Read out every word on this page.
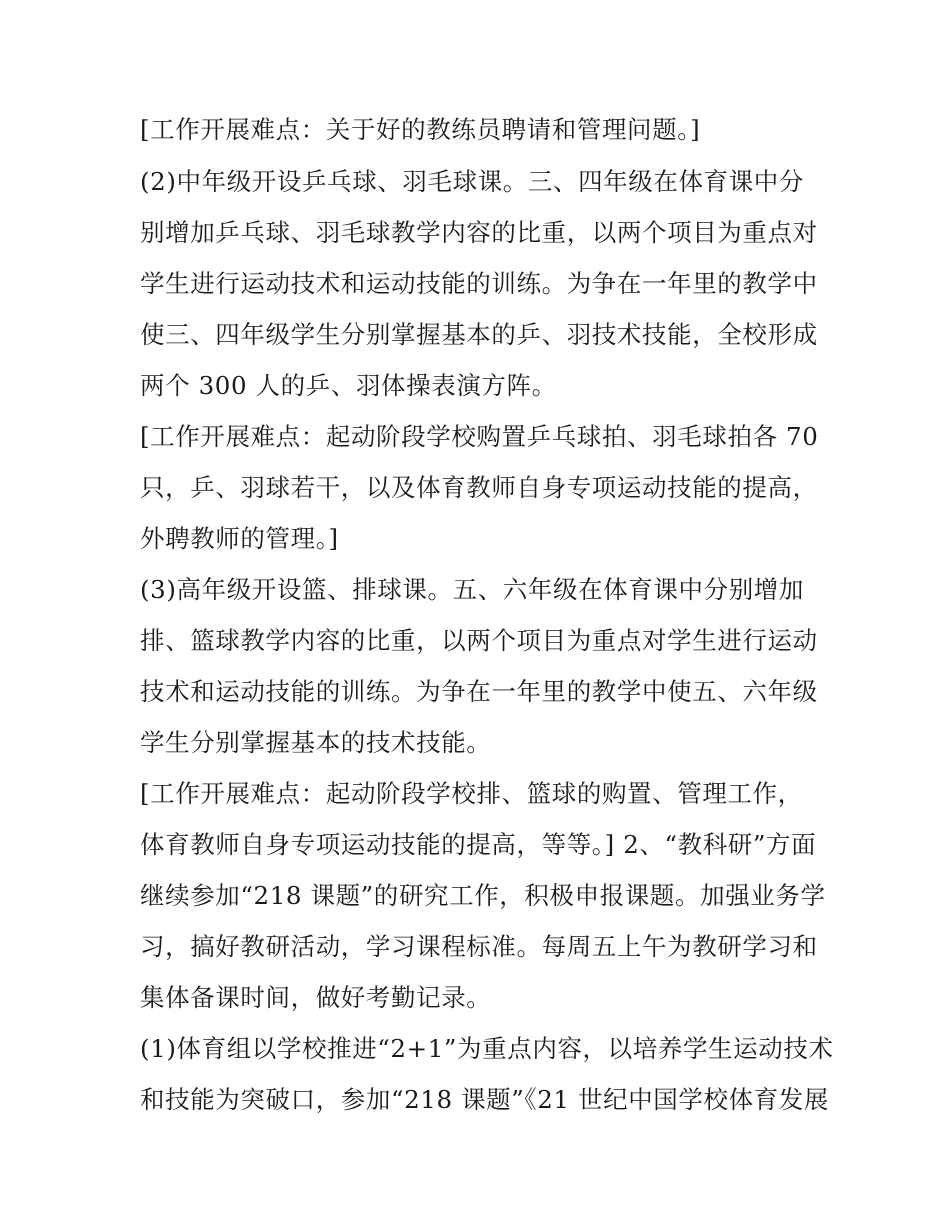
[工作开展难点：关于好的教练员聘请和管理问题。]
(2)中年级开设乒乓球、羽毛球课。三、四年级在体育课中分
别增加乒乓球、羽毛球教学内容的比重，以两个项目为重点对
学生进行运动技术和运动技能的训练。为争在一年里的教学中
使三、四年级学生分别掌握基本的乒、羽技术技能，全校形成
两个 300 人的乒、羽体操表演方阵。
[工作开展难点：起动阶段学校购置乒乓球拍、羽毛球拍各 70
只，乒、羽球若干，以及体育教师自身专项运动技能的提高，
外聘教师的管理。]
(3)高年级开设篮、排球课。五、六年级在体育课中分别增加
排、篮球教学内容的比重，以两个项目为重点对学生进行运动
技术和运动技能的训练。为争在一年里的教学中使五、六年级
学生分别掌握基本的技术技能。
[工作开展难点：起动阶段学校排、篮球的购置、管理工作，
体育教师自身专项运动技能的提高，等等。] 2、“教科研”方面
继续参加“218 课题”的研究工作，积极申报课题。加强业务学
习，搞好教研活动，学习课程标准。每周五上午为教研学习和
集体备课时间，做好考勤记录。
(1)体育组以学校推进“2+1”为重点内容，以培养学生运动技术
和技能为突破口，参加“218 课题”《21 世纪中国学校体育发展
